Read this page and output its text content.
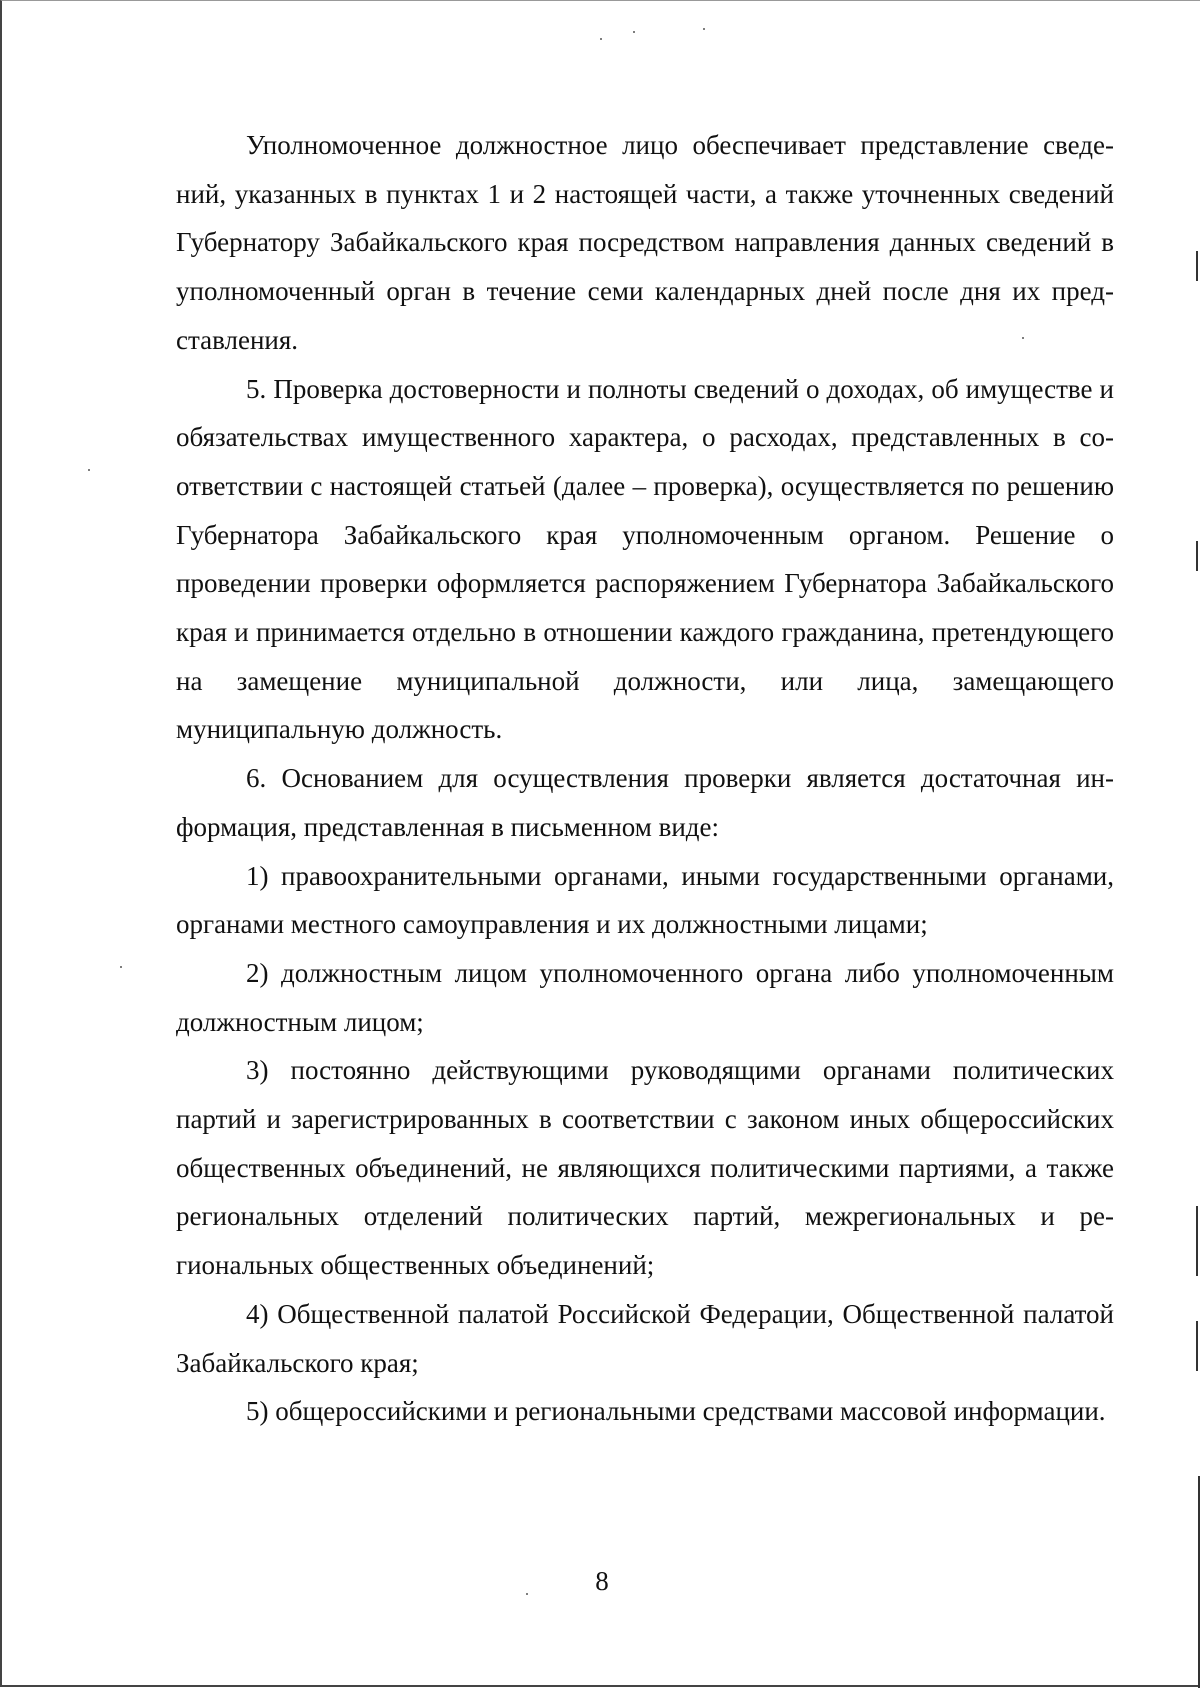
Уполномоченное должностное лицо обеспечивает представление сведений, указанных в пунктах 1 и 2 настоящей части, а также уточненных сведений Губернатору Забайкальского края посредством направления данных сведений в уполномоченный орган в течение семи календарных дней после дня их представления.

5. Проверка достоверности и полноты сведений о доходах, об имуществе и обязательствах имущественного характера, о расходах, представленных в соответствии с настоящей статьей (далее – проверка), осуществляется по решению Губернатора Забайкальского края уполномоченным органом. Решение о проведении проверки оформляется распоряжением Губернатора Забайкальского края и принимается отдельно в отношении каждого гражданина, претендующего на замещение муниципальной должности, или лица, замещающего муниципальную должность.

6. Основанием для осуществления проверки является достаточная информация, представленная в письменном виде:

1) правоохранительными органами, иными государственными органами, органами местного самоуправления и их должностными лицами;

2) должностным лицом уполномоченного органа либо уполномоченным должностным лицом;

3) постоянно действующими руководящими органами политических партий и зарегистрированных в соответствии с законом иных общероссийских общественных объединений, не являющихся политическими партиями, а также региональных отделений политических партий, межрегиональных и региональных общественных объединений;

4) Общественной палатой Российской Федерации, Общественной палатой Забайкальского края;

5) общероссийскими и региональными средствами массовой информации.

8
